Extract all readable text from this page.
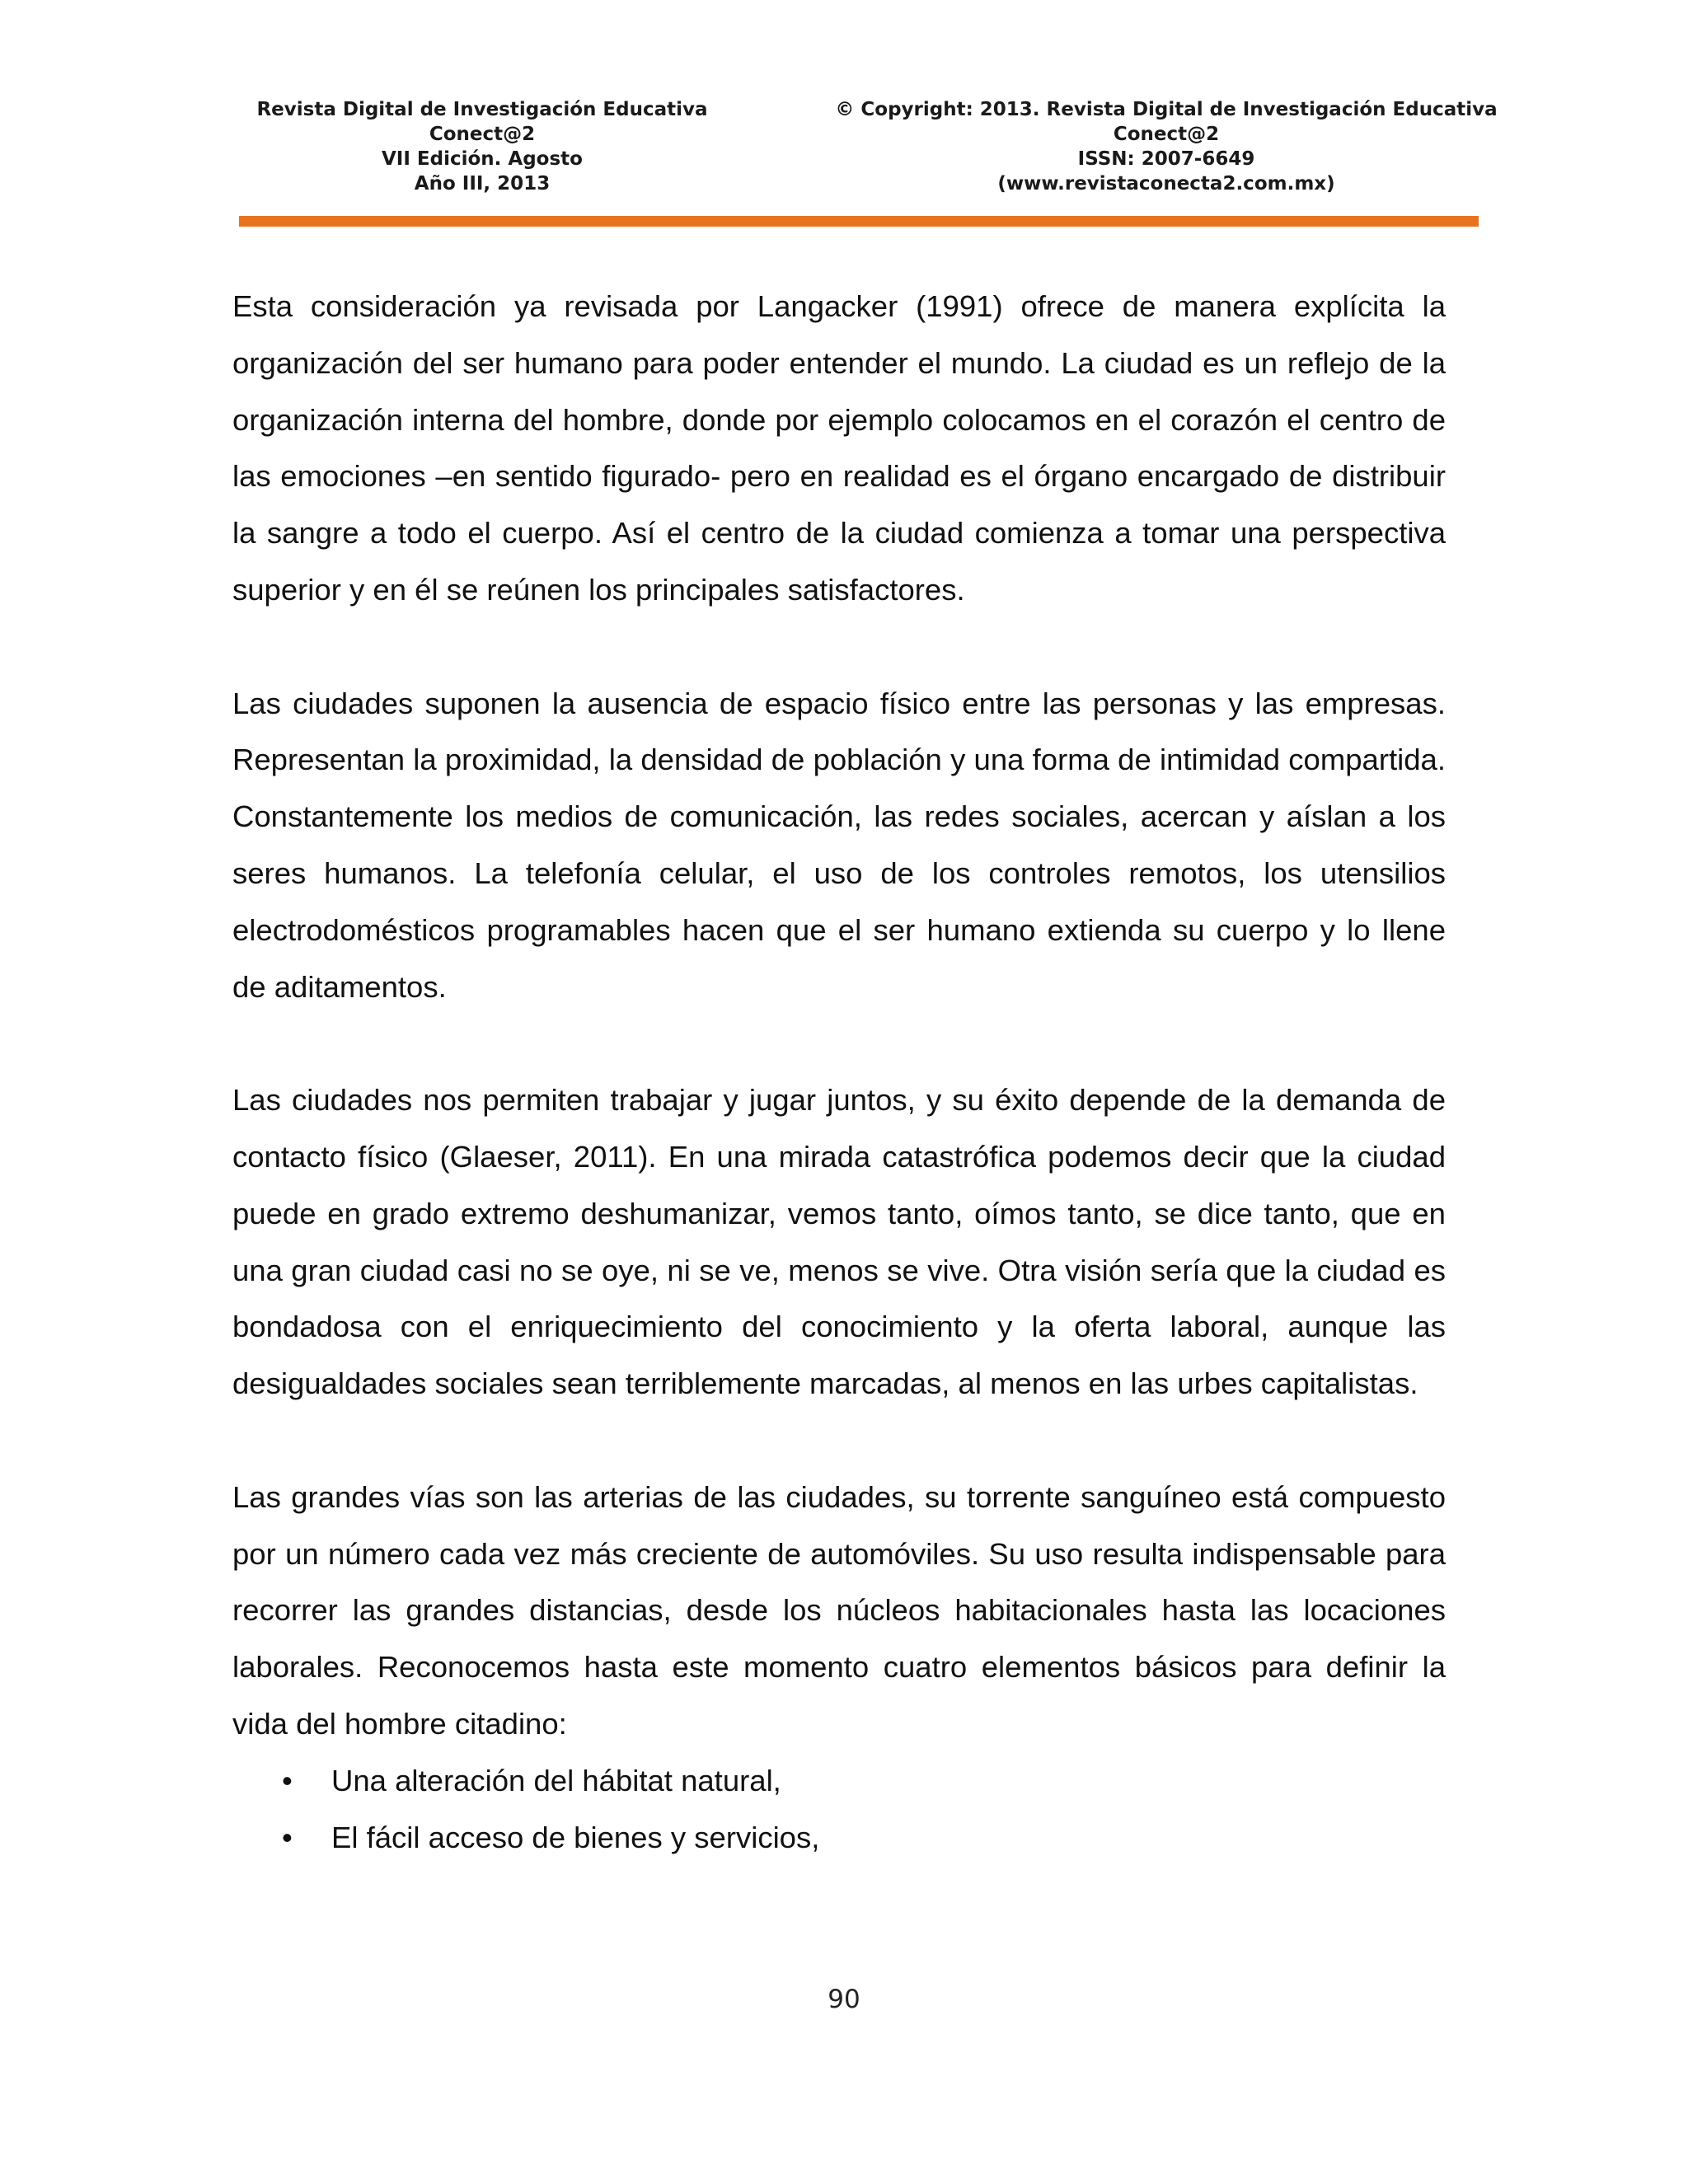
Revista Digital de Investigación Educativa
Conect@2
VII Edición. Agosto
Año III, 2013
© Copyright: 2013. Revista Digital de Investigación Educativa
Conect@2
ISSN: 2007-6649
(www.revistaconecta2.com.mx)

Esta consideración ya revisada por Langacker (1991) ofrece de manera explícita la organización del ser humano para poder entender el mundo. La ciudad es un reflejo de la organización interna del hombre, donde por ejemplo colocamos en el corazón el centro de las emociones –en sentido figurado- pero en realidad es el órgano encargado de distribuir la sangre a todo el cuerpo. Así el centro de la ciudad comienza a tomar una perspectiva superior y en él se reúnen los principales satisfactores.

Las ciudades suponen la ausencia de espacio físico entre las personas y las empresas. Representan la proximidad, la densidad de población y una forma de intimidad compartida. Constantemente los medios de comunicación, las redes sociales, acercan y aíslan a los seres humanos. La telefonía celular, el uso de los controles remotos, los utensilios electrodomésticos programables hacen que el ser humano extienda su cuerpo y lo llene de aditamentos.

Las ciudades nos permiten trabajar y jugar juntos, y su éxito depende de la demanda de contacto físico (Glaeser, 2011). En una mirada catastrófica podemos decir que la ciudad puede en grado extremo deshumanizar, vemos tanto, oímos tanto, se dice tanto, que en una gran ciudad casi no se oye, ni se ve, menos se vive. Otra visión sería que la ciudad es bondadosa con el enriquecimiento del conocimiento y la oferta laboral, aunque las desigualdades sociales sean terriblemente marcadas, al menos en las urbes capitalistas.

Las grandes vías son las arterias de las ciudades, su torrente sanguíneo está compuesto por un número cada vez más creciente de automóviles. Su uso resulta indispensable para recorrer las grandes distancias, desde los núcleos habitacionales hasta las locaciones laborales. Reconocemos hasta este momento cuatro elementos básicos para definir la vida del hombre citadino:

• Una alteración del hábitat natural,
• El fácil acceso de bienes y servicios,
90
